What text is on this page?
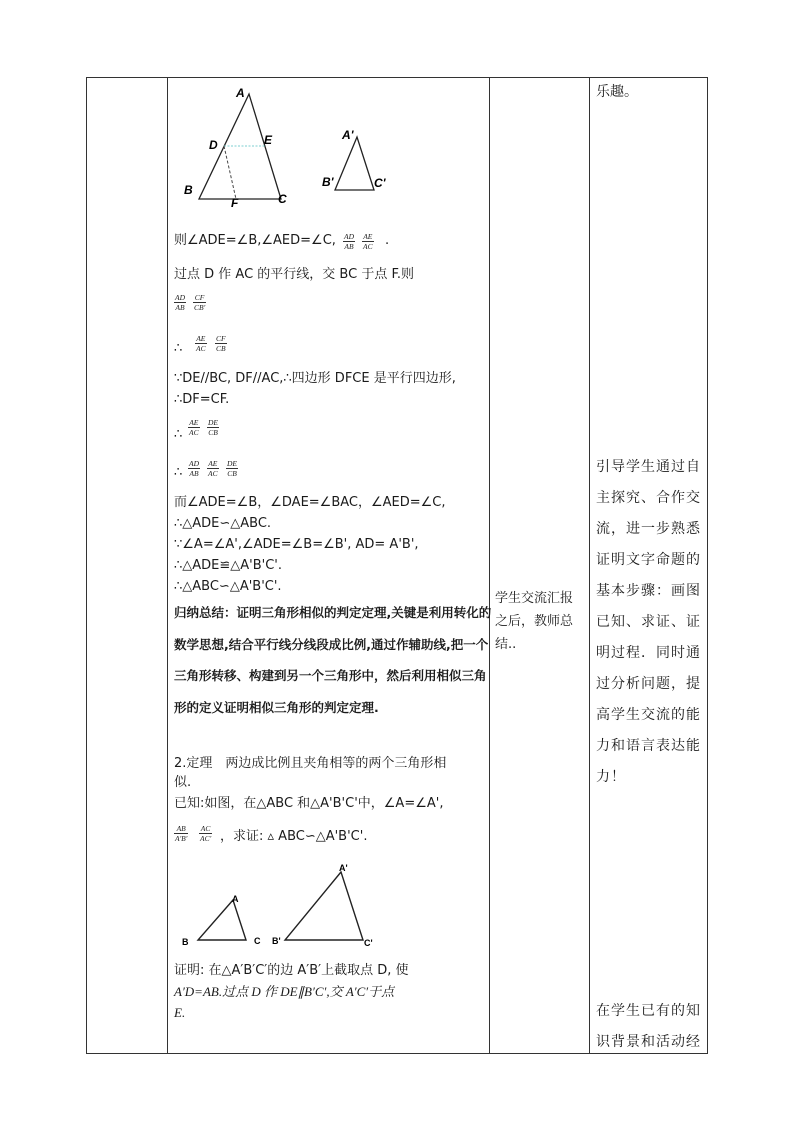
A
D	E
B
F	C
A'
B'	C'
则∠ADE=∠B,∠AED=∠C, $\frac{AD}{AB} \frac{AE}{AC}$ .
过点 D 作 AC 的平行线，交 BC 于点 F.则
$\frac{AD}{AB} \frac{CF}{CB'}$
∴ $\frac{AE}{AC} \frac{CF}{CB}$
∵DE//BC, DF//AC,∴四边形 DFCE 是平行四边形,
∴DF=CF.
∴ $\frac{AE}{AC} \frac{DE}{CB}$
∴ $\frac{AD}{AB} \frac{AE}{AC} \frac{DE}{CB}$
而∠ADE=∠B，∠DAE=∠BAC，∠AED=∠C,
∴△ADE∽△ABC.
∵∠A=∠A',∠ADE=∠B=∠B', AD= A'B',
∴△ADE≌△A'B'C'.
∴△ABC∽△A'B'C'.
归纳总结：证明三角形相似的判定定理,关键是利用转化的数学思想,结合平行线分线段成比例,通过作辅助线,把一个三角形转移、构建到另一个三角形中，然后利用相似三角形的定义证明相似三角形的判定定理.
2.定理　两边成比例且夹角相等的两个三角形相
似.
已知:如图，在△ABC 和△A'B'C'中，∠A=∠A',
$\frac{AB}{A'B'} \frac{AC}{AC'}$ ，求证: ▵ ABC∽△A'B'C'.
A
B	C
A'
B'	C'
证明: 在△A′B′C′的边 A′B′上截取点 D, 使
A′D=AB.过点 D 作 DE∥B′C′,交 A′C′于点
E.
学生交流汇报之后，教师总结..
乐趣。
引导学生通过自主探究、合作交流，进一步熟悉证明文字命题的基本步骤：画图已知、求证、证明过程．同时通过分析问题，提高学生交流的能力和语言表达能力！
在学生已有的知识背景和活动经
